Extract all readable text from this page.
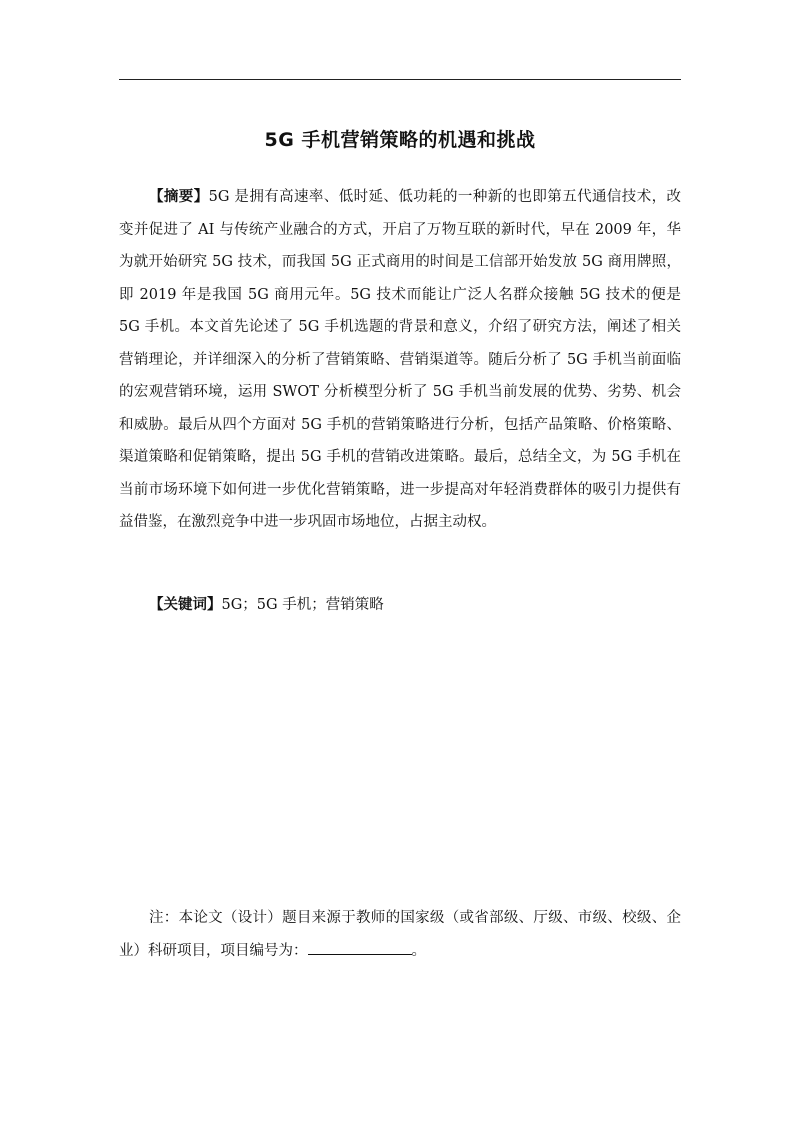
5G 手机营销策略的机遇和挑战

【摘要】5G 是拥有高速率、低时延、低功耗的一种新的也即第五代通信技术，改变并促进了 AI 与传统产业融合的方式，开启了万物互联的新时代，早在 2009 年，华为就开始研究 5G 技术，而我国 5G 正式商用的时间是工信部开始发放 5G 商用牌照，即 2019 年是我国 5G 商用元年。5G 技术而能让广泛人名群众接触 5G 技术的便是 5G 手机。本文首先论述了 5G 手机选题的背景和意义，介绍了研究方法，阐述了相关营销理论，并详细深入的分析了营销策略、营销渠道等。随后分析了 5G 手机当前面临的宏观营销环境，运用 SWOT 分析模型分析了 5G 手机当前发展的优势、劣势、机会和威胁。最后从四个方面对 5G 手机的营销策略进行分析，包括产品策略、价格策略、渠道策略和促销策略，提出 5G 手机的营销改进策略。最后，总结全文，为 5G 手机在当前市场环境下如何进一步优化营销策略，进一步提高对年轻消费群体的吸引力提供有益借鉴，在激烈竞争中进一步巩固市场地位，占据主动权。

【关键词】5G；5G 手机；营销策略

注：本论文（设计）题目来源于教师的国家级（或省部级、厅级、市级、校级、企业）科研项目，项目编号为：	。
